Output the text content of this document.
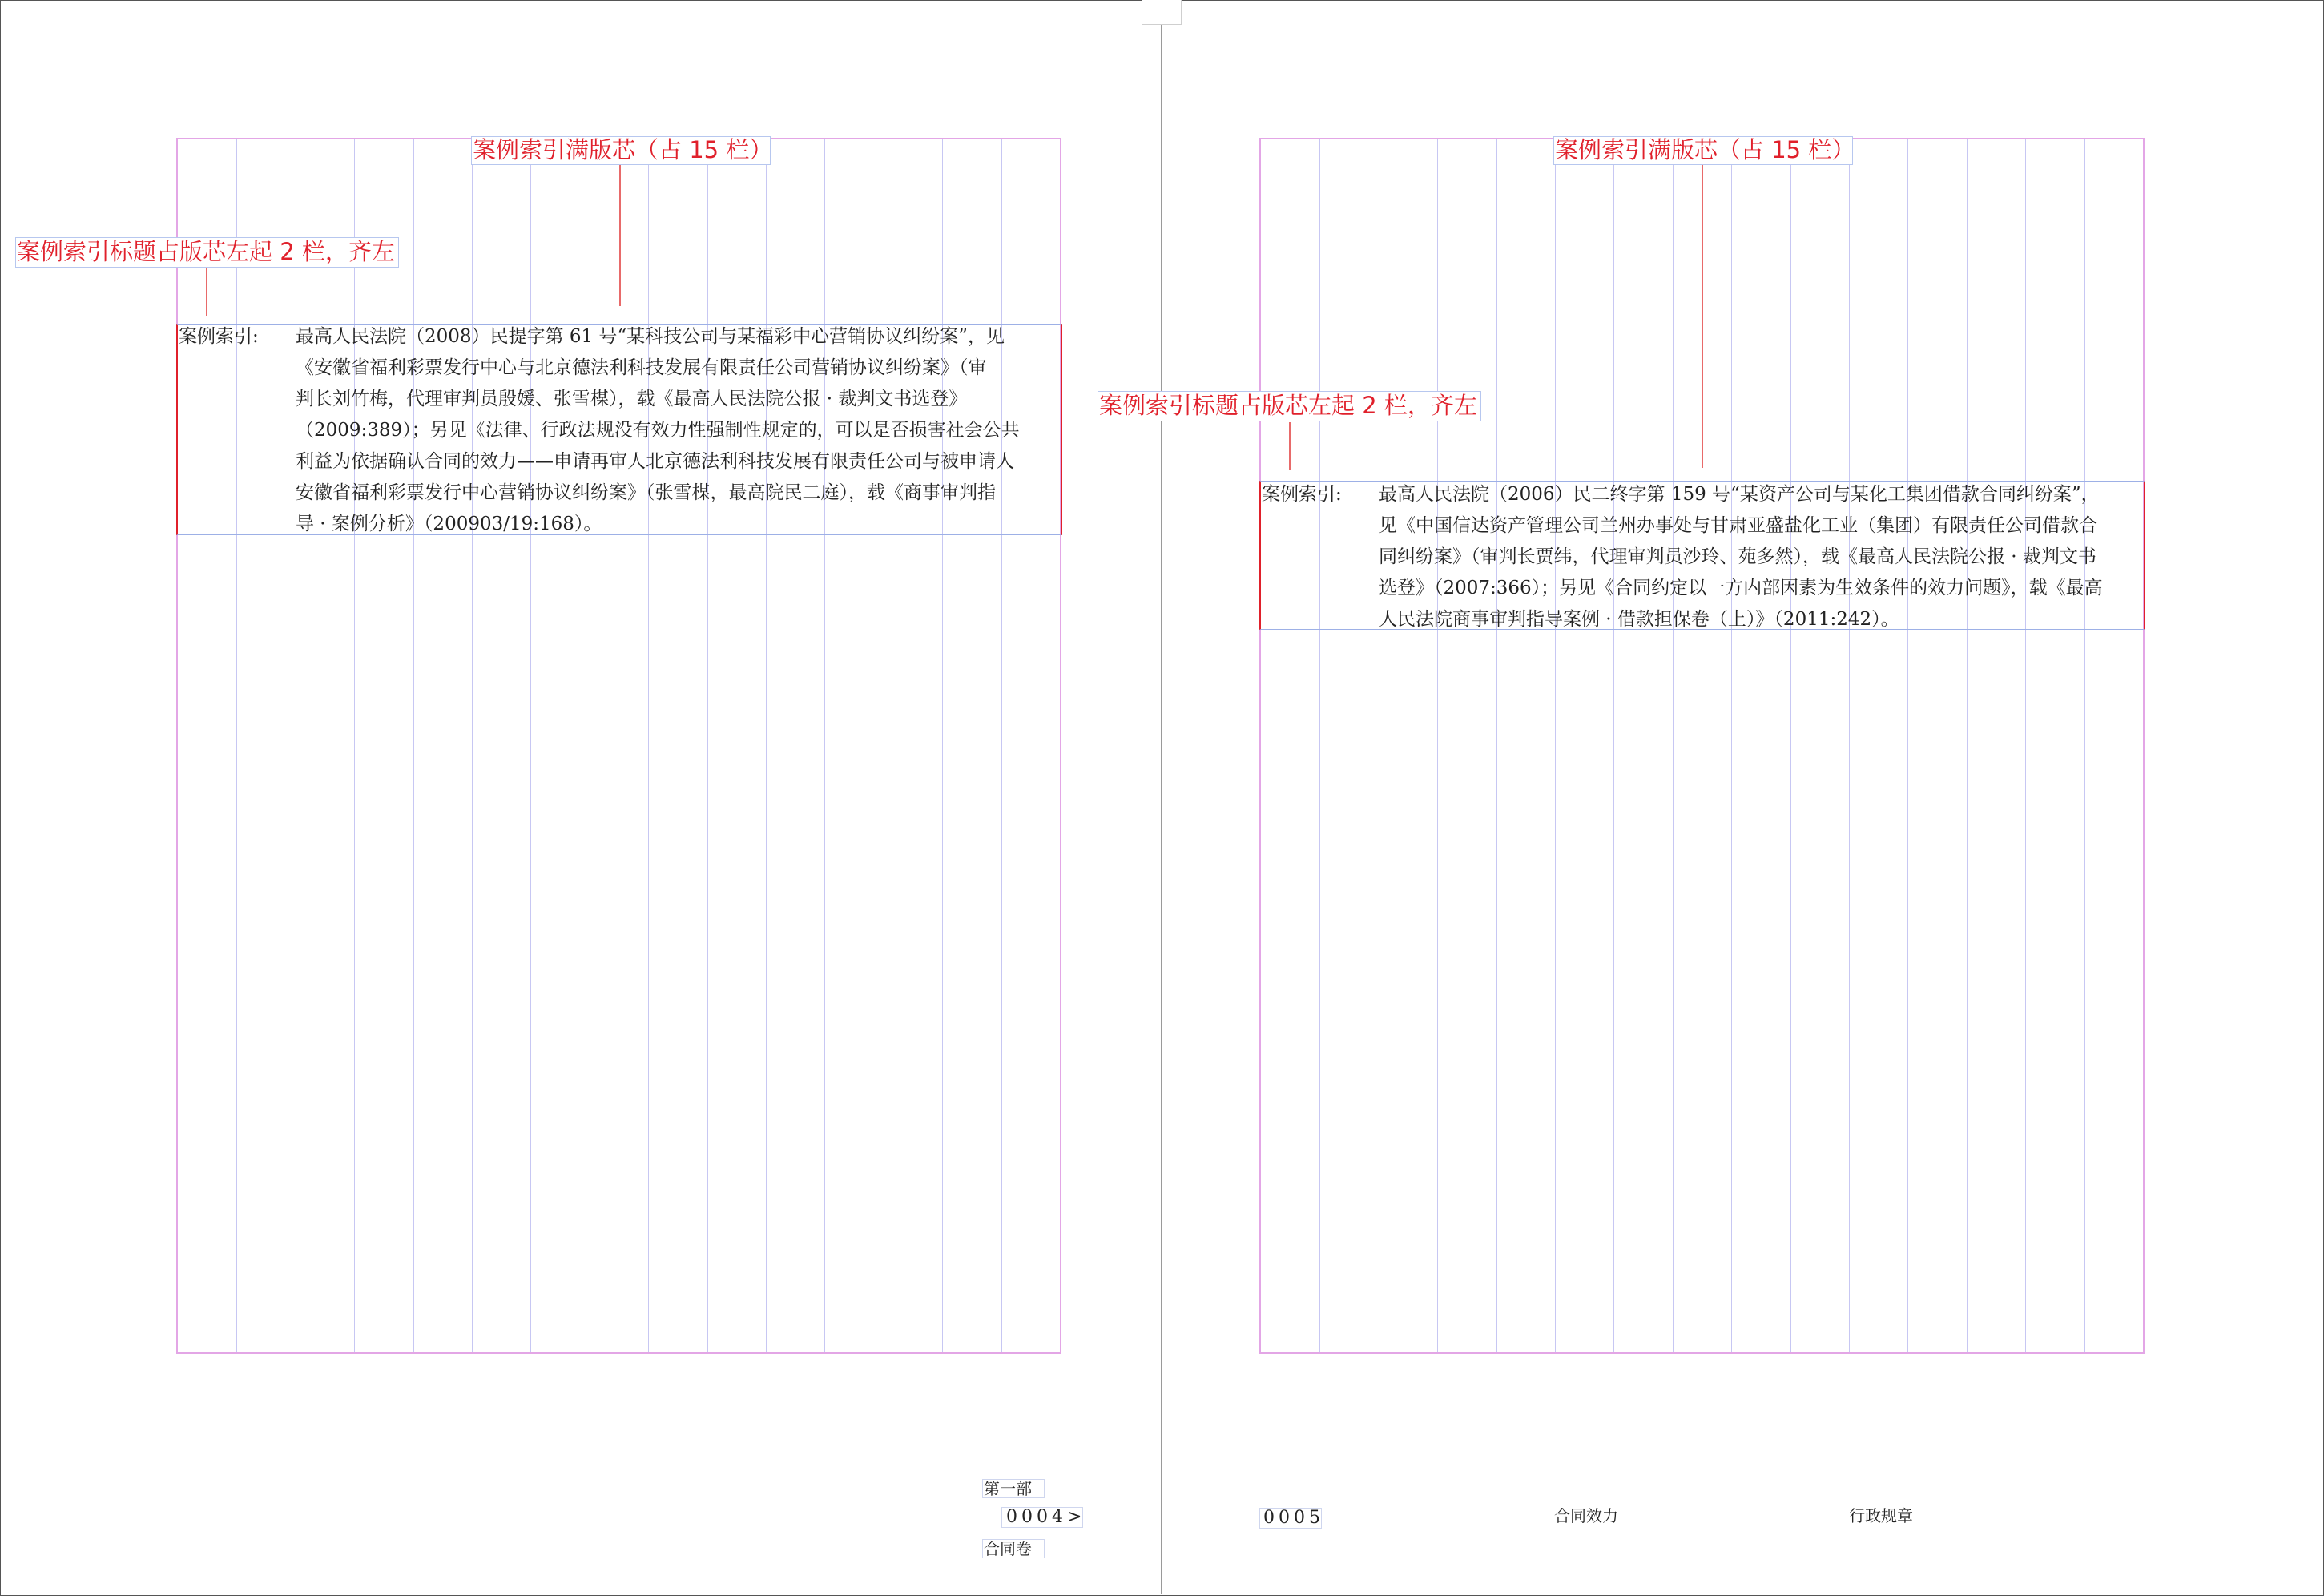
案例索引满版芯（占 15 栏）
案例索引标题占版芯左起 2 栏，齐左
案例索引: 最高人民法院（2008）民提字第 61 号“某科技公司与某福彩中心营销协议纠纷案”，见
《安徽省福利彩票发行中心与北京德法利科技发展有限责任公司营销协议纠纷案》（审
判长刘竹梅，代理审判员殷媛、张雪楳），载《最高人民法院公报 · 裁判文书选登》
（2009:389）；另见《法律、行政法规没有效力性强制性规定的，可以是否损害社会公共
利益为依据确认合同的效力——申请再审人北京德法利科技发展有限责任公司与被申请人
安徽省福利彩票发行中心营销协议纠纷案》（张雪楳，最高院民二庭），载《商事审判指
导 · 案例分析》（200903/19:168）。
第一部
0004>
合同卷
案例索引满版芯（占 15 栏）
案例索引标题占版芯左起 2 栏，齐左
案例索引: 最高人民法院（2006）民二终字第 159 号“某资产公司与某化工集团借款合同纠纷案”，
见《中国信达资产管理公司兰州办事处与甘肃亚盛盐化工业（集团）有限责任公司借款合
同纠纷案》（审判长贾纬，代理审判员沙玲、苑多然），载《最高人民法院公报 · 裁判文书
选登》（2007:366）；另见《合同约定以一方内部因素为生效条件的效力问题》，载《最高
人民法院商事审判指导案例 · 借款担保卷（上）》（2011:242）。
0005	合同效力	行政规章
